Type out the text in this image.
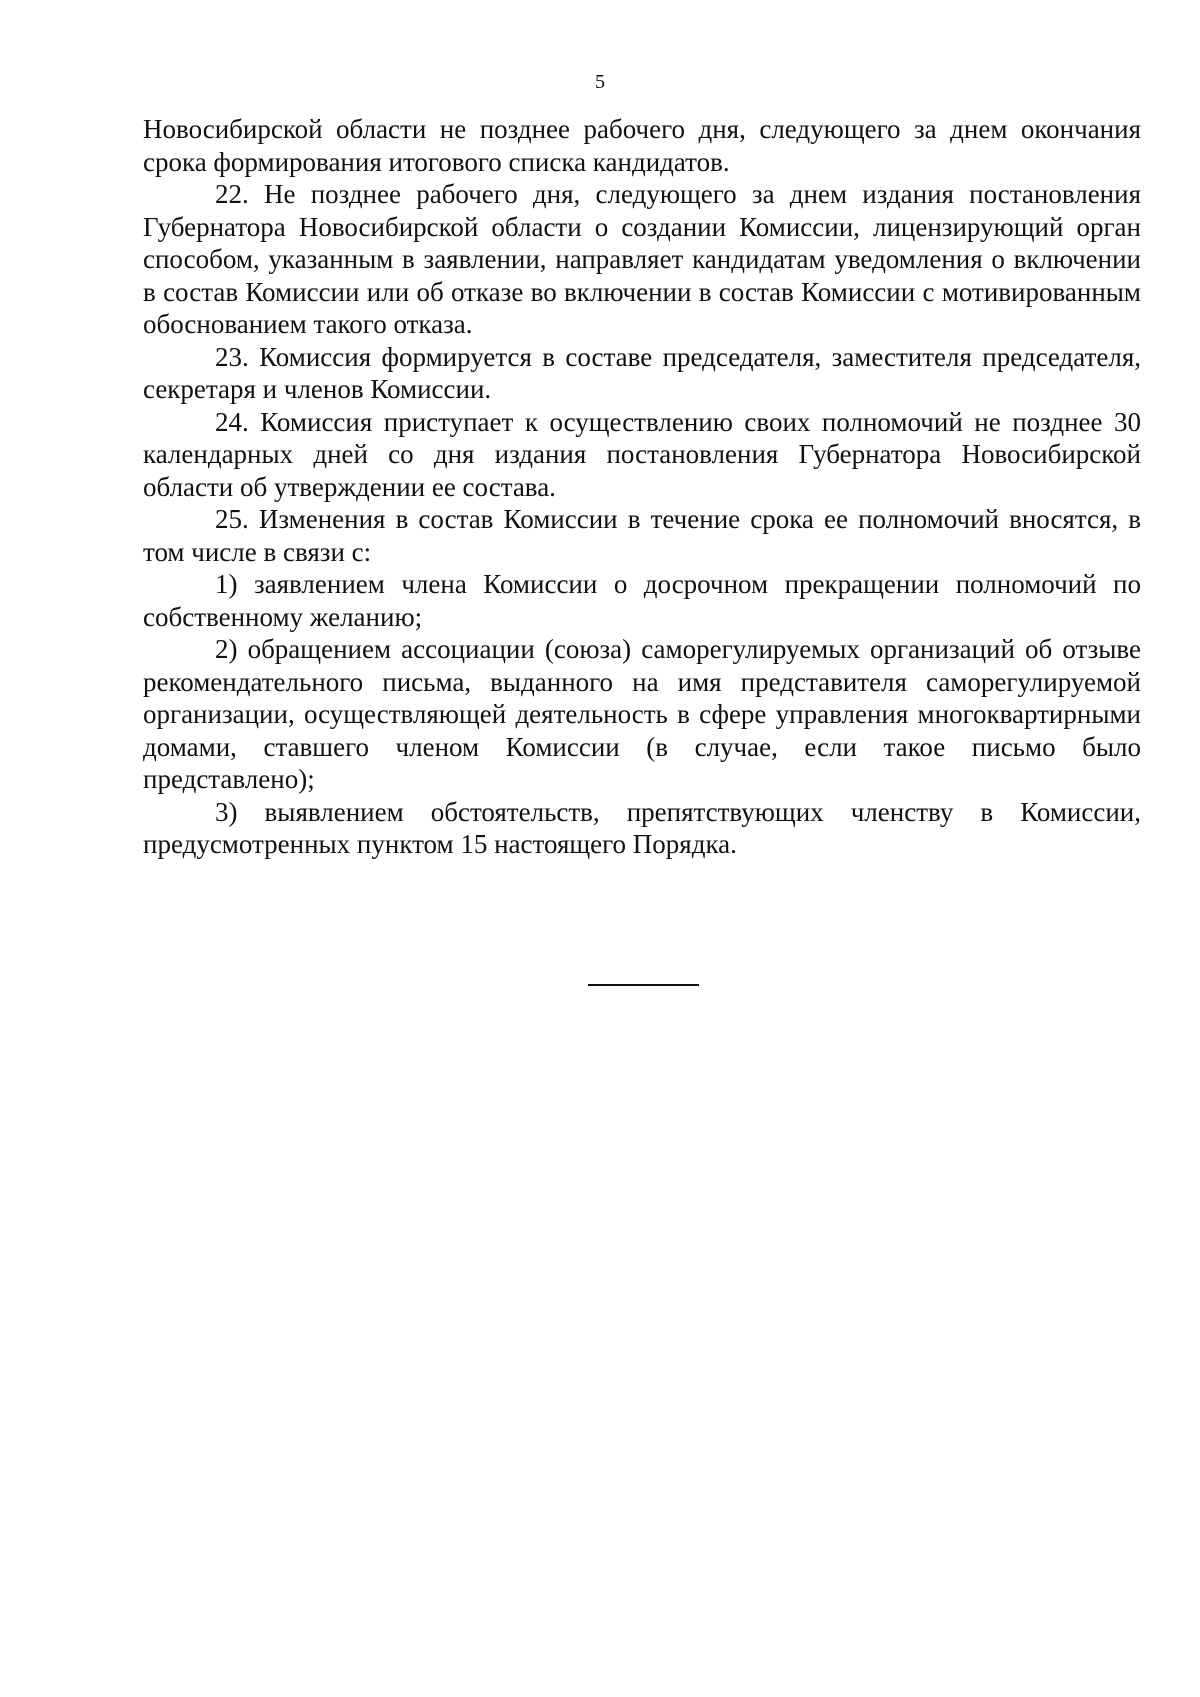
5

Новосибирской области не позднее рабочего дня, следующего за днем окончания срока формирования итогового списка кандидатов.

22. Не позднее рабочего дня, следующего за днем издания постановления Губернатора Новосибирской области о создании Комиссии, лицензирующий орган способом, указанным в заявлении, направляет кандидатам уведомления о включении в состав Комиссии или об отказе во включении в состав Комиссии с мотивированным обоснованием такого отказа.

23. Комиссия формируется в составе председателя, заместителя председателя, секретаря и членов Комиссии.

24. Комиссия приступает к осуществлению своих полномочий не позднее 30 календарных дней со дня издания постановления Губернатора Новосибирской области об утверждении ее состава.

25. Изменения в состав Комиссии в течение срока ее полномочий вносятся, в том числе в связи с:

1) заявлением члена Комиссии о досрочном прекращении полномочий по собственному желанию;

2) обращением ассоциации (союза) саморегулируемых организаций об отзыве рекомендательного письма, выданного на имя представителя саморегулируемой организации, осуществляющей деятельность в сфере управления многоквартирными домами, ставшего членом Комиссии (в случае, если такое письмо было представлено);

3) выявлением обстоятельств, препятствующих членству в Комиссии, предусмотренных пунктом 15 настоящего Порядка.
